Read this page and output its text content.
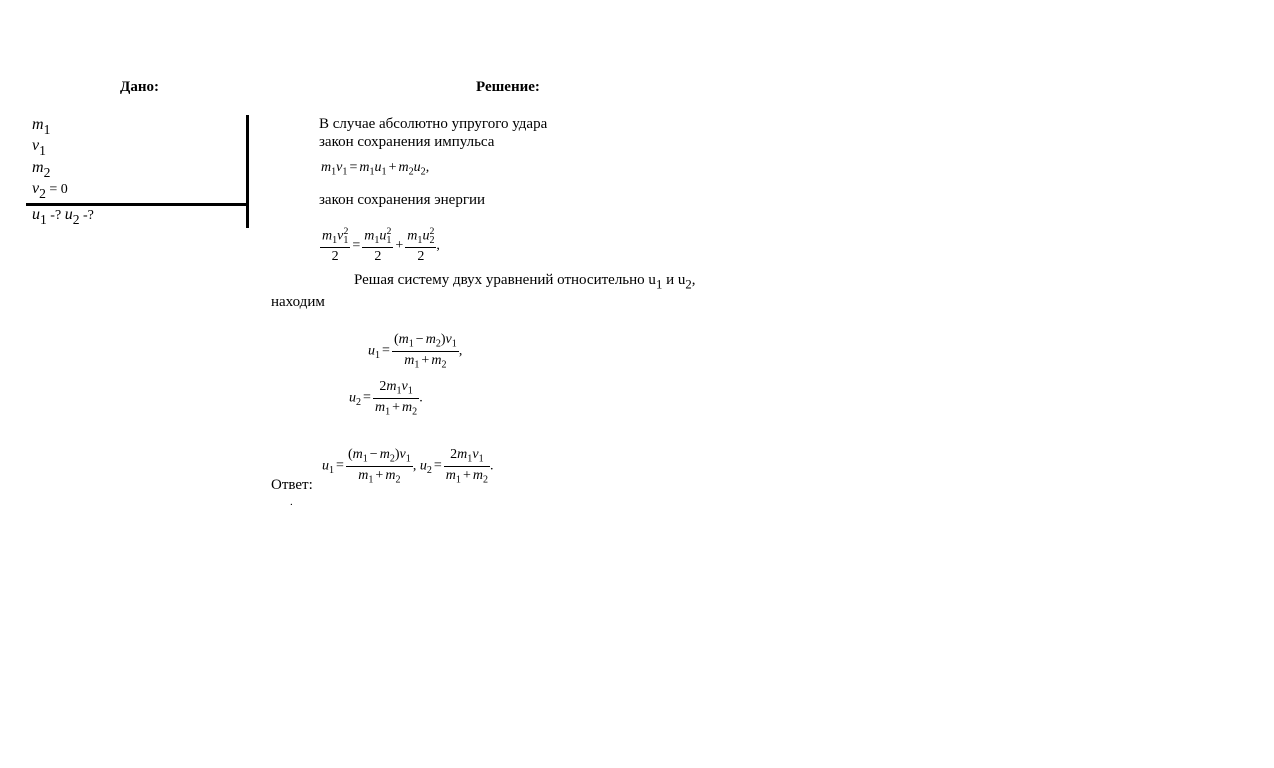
Дано:	Решение:
$m_1$
$v_1$
$m_2$
$v_2 = 0$
$u_1$ -? $u_2$ -?
В случае абсолютно упругого удара
закон сохранения импульса
$m_1v_1 = m_1u_1 + m_2u_2$,
закон сохранения энергии
$\frac{m_1v_1^2}{2} = \frac{m_1u_1^2}{2} + \frac{m_1u_2^2}{2}$ ,
Решая систему двух уравнений относительно $u_1$ и $u_2$,
находим
$u_1 = \frac{(m_1 - m_2)v_1}{m_1 + m_2}$ ,
$u_2 = \frac{2m_1v_1}{m_1 + m_2}$ .
$u_1 = \frac{(m_1 - m_2)v_1}{m_1 + m_2}$ , $u_2 = \frac{2m_1v_1}{m_1 + m_2}$ .
Ответ:
.
